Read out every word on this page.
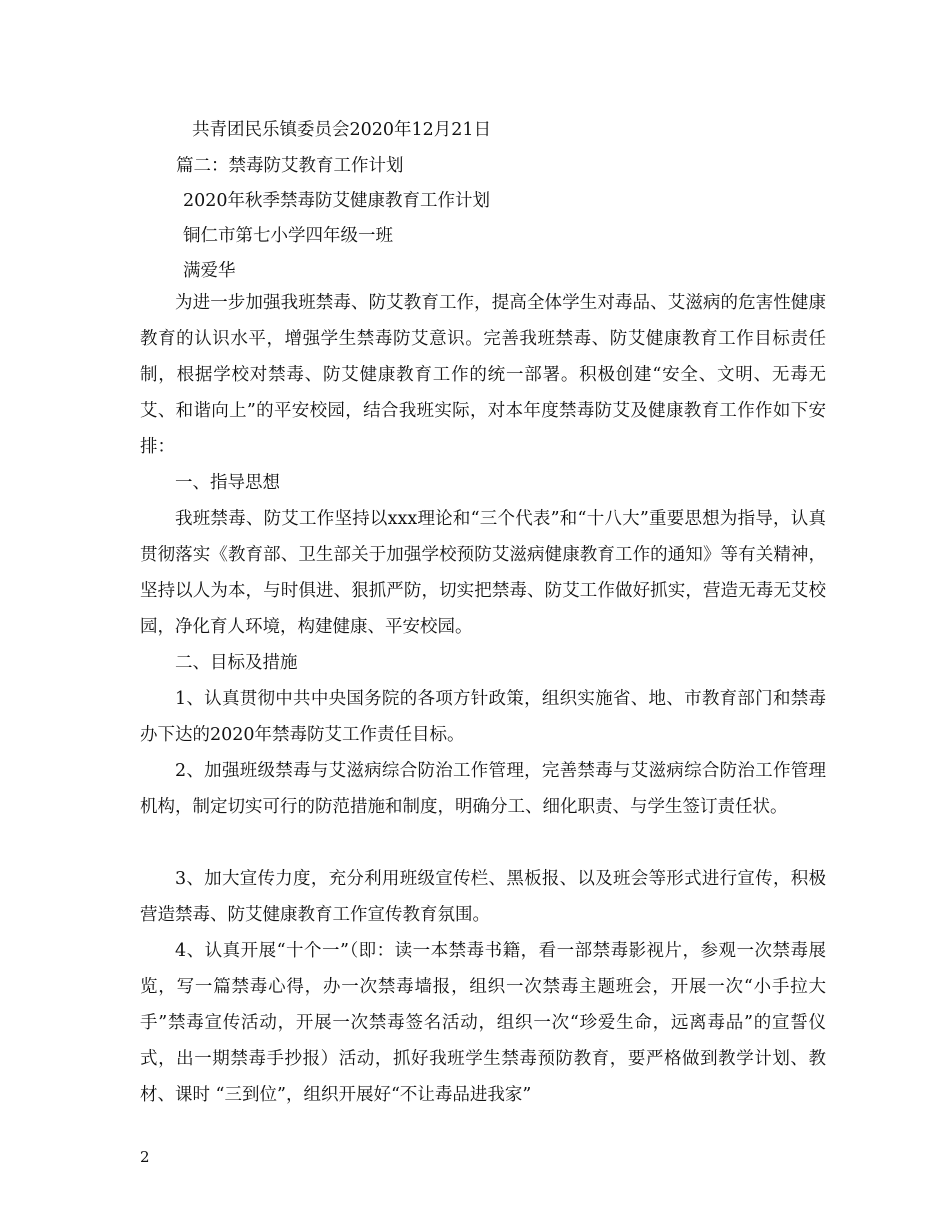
共青团民乐镇委员会2020年12月21日
篇二：禁毒防艾教育工作计划
2020年秋季禁毒防艾健康教育工作计划
铜仁市第七小学四年级一班
满爱华
为进一步加强我班禁毒、防艾教育工作，提高全体学生对毒品、艾滋病的危害性健康教育的认识水平，增强学生禁毒防艾意识。完善我班禁毒、防艾健康教育工作目标责任制，根据学校对禁毒、防艾健康教育工作的统一部署。积极创建“安全、文明、无毒无艾、和谐向上”的平安校园，结合我班实际，对本年度禁毒防艾及健康教育工作作如下安排：
一、指导思想
我班禁毒、防艾工作坚持以xxx理论和“三个代表”和“十八大”重要思想为指导，认真贯彻落实《教育部、卫生部关于加强学校预防艾滋病健康教育工作的通知》等有关精神，坚持以人为本，与时俱进、狠抓严防，切实把禁毒、防艾工作做好抓实，营造无毒无艾校园，净化育人环境，构建健康、平安校园。
二、目标及措施
1、认真贯彻中共中央国务院的各项方针政策，组织实施省、地、市教育部门和禁毒办下达的2020年禁毒防艾工作责任目标。
2、加强班级禁毒与艾滋病综合防治工作管理，完善禁毒与艾滋病综合防治工作管理机构，制定切实可行的防范措施和制度，明确分工、细化职责、与学生签订责任状。
3、加大宣传力度，充分利用班级宣传栏、黑板报、以及班会等形式进行宣传，积极营造禁毒、防艾健康教育工作宣传教育氛围。
4、认真开展“十个一”（即：读一本禁毒书籍，看一部禁毒影视片，参观一次禁毒展览，写一篇禁毒心得，办一次禁毒墙报，组织一次禁毒主题班会，开展一次“小手拉大手”禁毒宣传活动，开展一次禁毒签名活动，组织一次“珍爱生命，远离毒品”的宣誓仪式，出一期禁毒手抄报）活动，抓好我班学生禁毒预防教育，要严格做到教学计划、教材、课时 “三到位”，组织开展好“不让毒品进我家”
2
